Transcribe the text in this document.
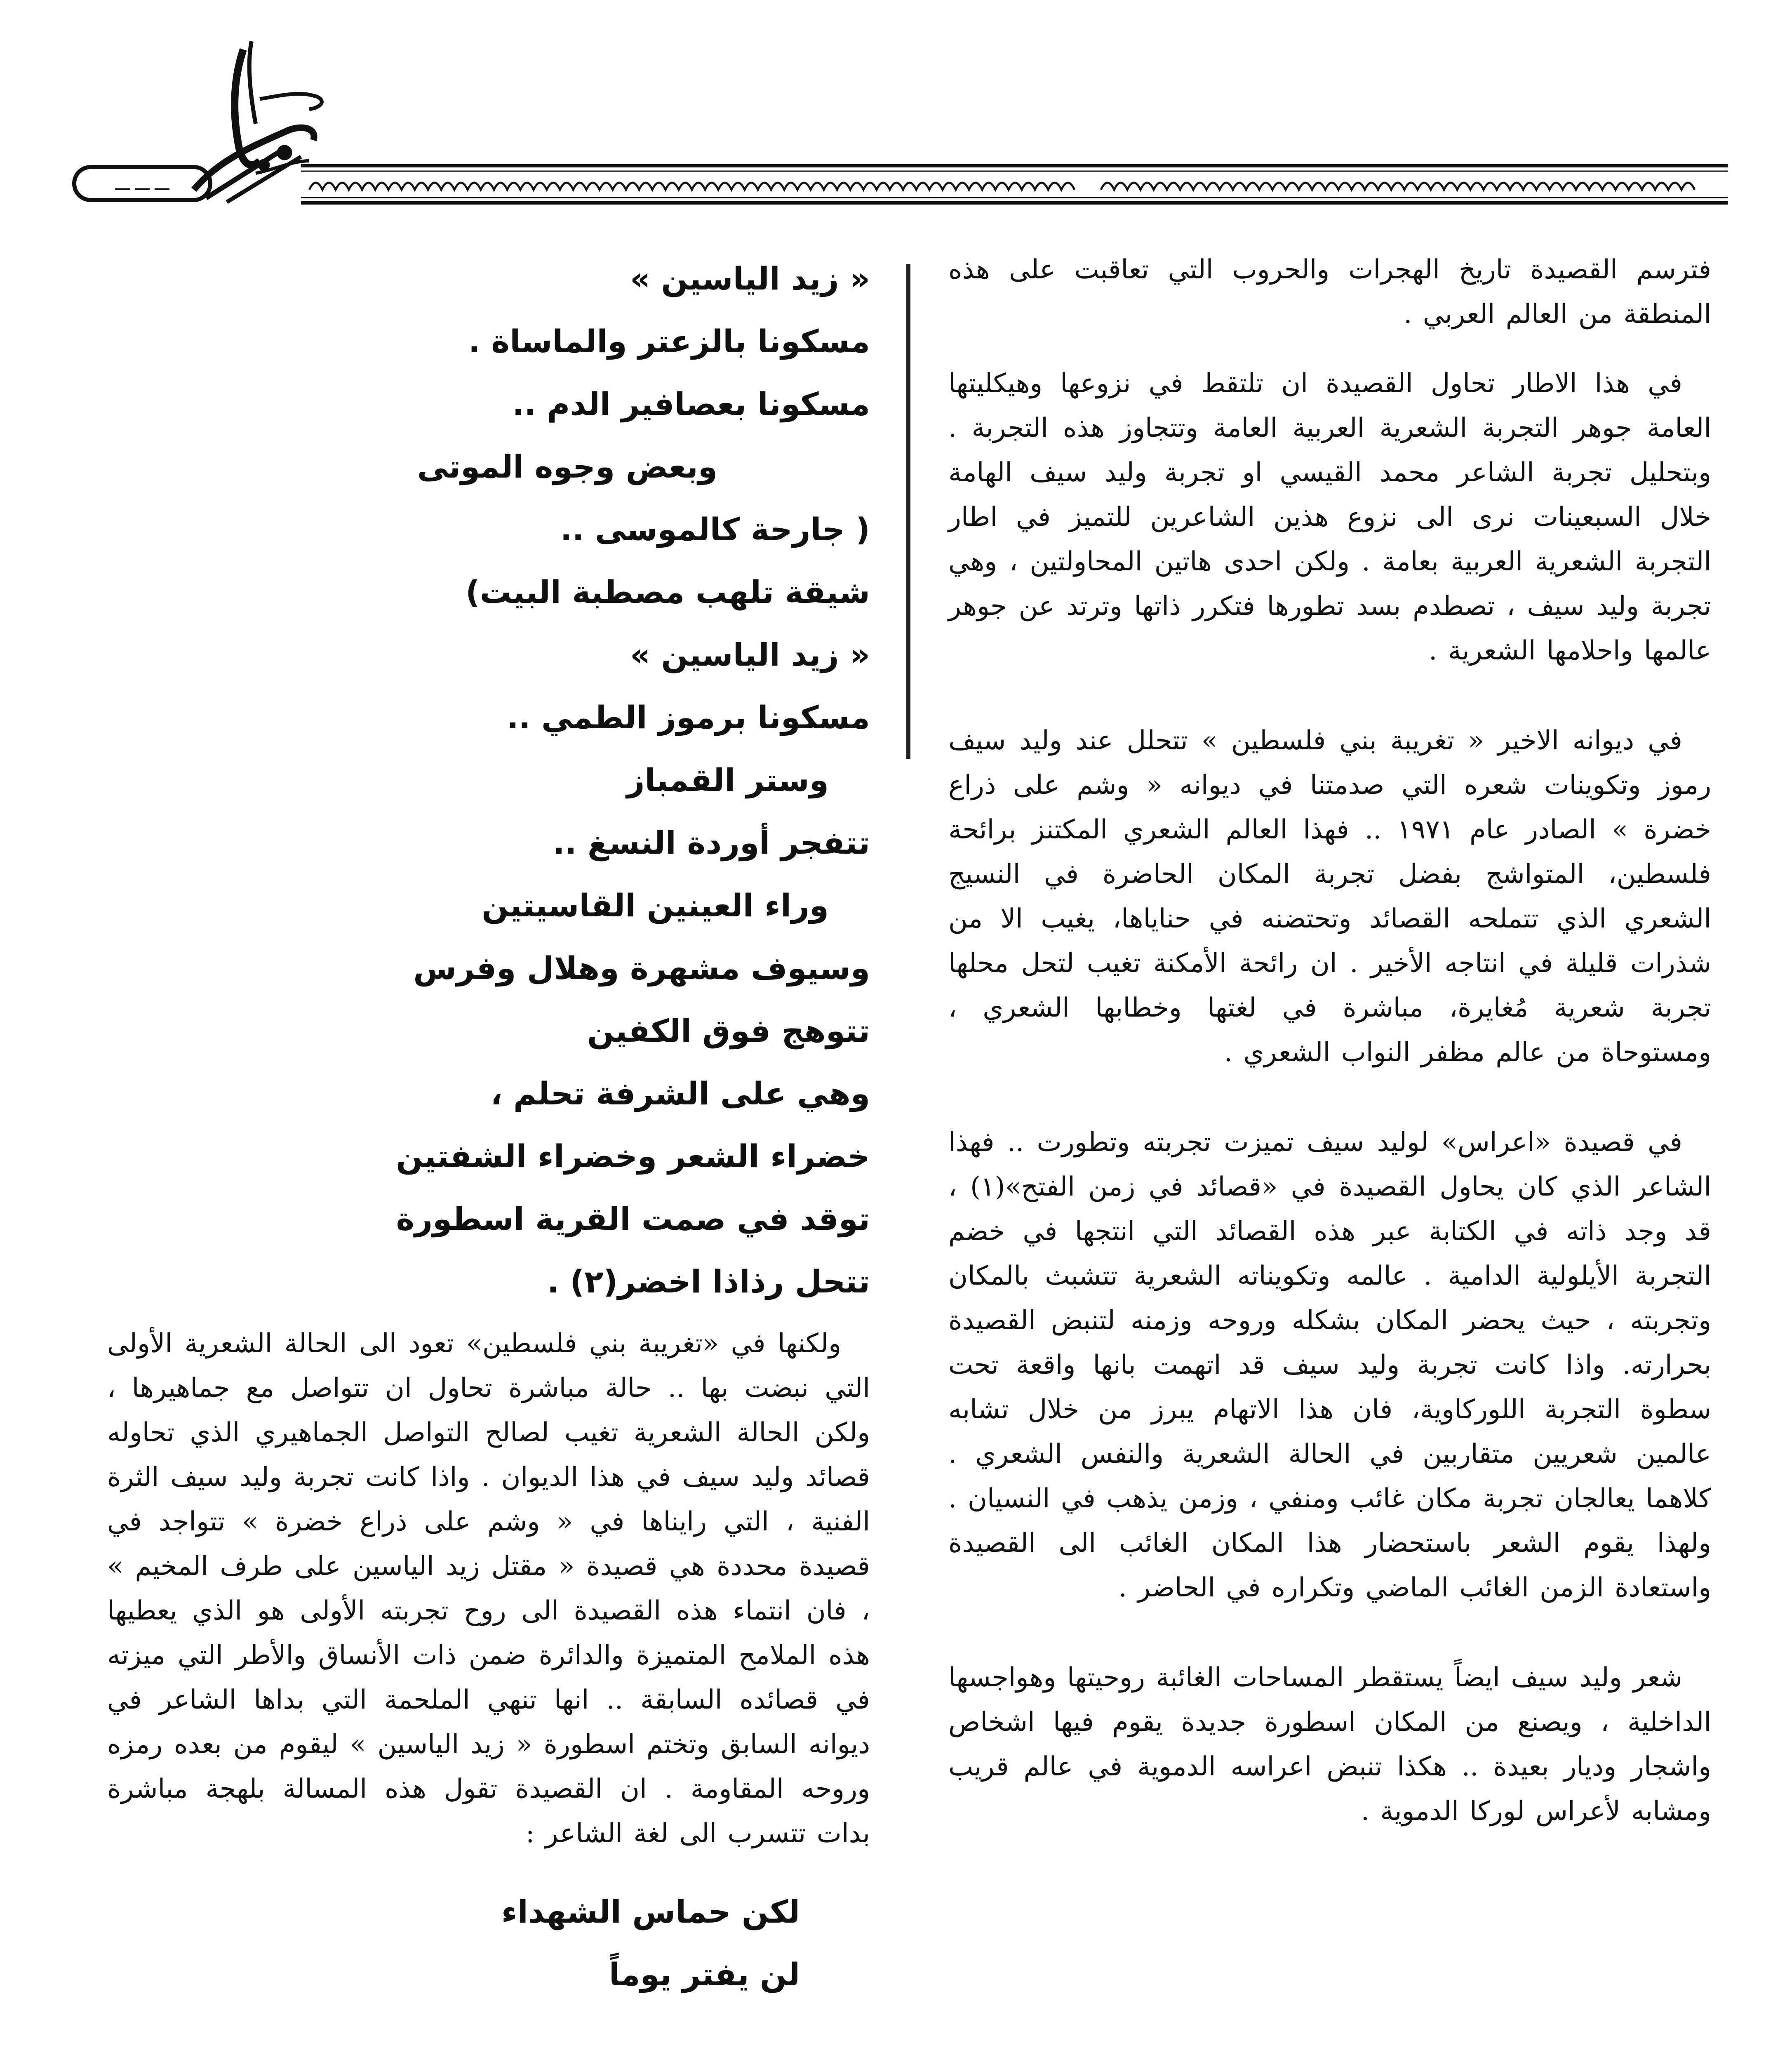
ـــ ـــ ـــ

فترسم القصيدة تاريخ الهجرات والحروب التي تعاقبت على هذه المنطقة من العالم العربي .

في هذا الاطار تحاول القصيدة ان تلتقط في نزوعها وهيكليتها العامة جوهر التجربة الشعرية العربية العامة وتتجاوز هذه التجربة . وبتحليل تجربة الشاعر محمد القيسي او تجربة وليد سيف الهامة خلال السبعينات نرى الى نزوع هذين الشاعرين للتميز في اطار التجربة الشعرية العربية بعامة . ولكن احدى هاتين المحاولتين ، وهي تجربة وليد سيف ، تصطدم بسد تطورها فتكرر ذاتها وترتد عن جوهر عالمها واحلامها الشعرية .

في ديوانه الاخير « تغريبة بني فلسطين » تتحلل عند وليد سيف رموز وتكوينات شعره التي صدمتنا في ديوانه « وشم على ذراع خضرة » الصادر عام ١٩٧١ .. فهذا العالم الشعري المكتنز برائحة فلسطين، المتواشج بفضل تجربة المكان الحاضرة في النسيج الشعري الذي تتملحه القصائد وتحتضنه في حناياها، يغيب الا من شذرات قليلة في انتاجه الأخير . ان رائحة الأمكنة تغيب لتحل محلها تجربة شعرية مُغايرة، مباشرة في لغتها وخطابها الشعري ، ومستوحاة من عالم مظفر النواب الشعري .

في قصيدة «اعراس» لوليد سيف تميزت تجربته وتطورت .. فهذا الشاعر الذي كان يحاول القصيدة في «قصائد في زمن الفتح»(١) ، قد وجد ذاته في الكتابة عبر هذه القصائد التي انتجها في خضم التجربة الأيلولية الدامية . عالمه وتكويناته الشعرية تتشبث بالمكان وتجربته ، حيث يحضر المكان بشكله وروحه وزمنه لتنبض القصيدة بحرارته. واذا كانت تجربة وليد سيف قد اتهمت بانها واقعة تحت سطوة التجربة اللوركاوية، فان هذا الاتهام يبرز من خلال تشابه عالمين شعريين متقاربين في الحالة الشعرية والنفس الشعري . كلاهما يعالجان تجربة مكان غائب ومنفي ، وزمن يذهب في النسيان . ولهذا يقوم الشعر باستحضار هذا المكان الغائب الى القصيدة واستعادة الزمن الغائب الماضي وتكراره في الحاضر .

شعر وليد سيف ايضاً يستقطر المساحات الغائبة روحيتها وهواجسها الداخلية ، ويصنع من المكان اسطورة جديدة يقوم فيها اشخاص واشجار وديار بعيدة .. هكذا تنبض اعراسه الدموية في عالم قريب ومشابه لأعراس لوركا الدموية .

« زيد الياسين »

مسكونا بالزعتر والماساة .

مسكونا بعصافير الدم ..

وبعض وجوه الموتى

( جارحة كالموسى ..

شيقة تلهب مصطبة البيت)

« زيد الياسين »

مسكونا برموز الطمي ..

وستر القمباز

تتفجر أوردة النسغ ..

وراء العينين القاسيتين

وسيوف مشهرة وهلال وفرس

تتوهج فوق الكفين

وهي على الشرفة تحلم ،

خضراء الشعر وخضراء الشفتين

توقد في صمت القرية اسطورة

تتحل رذاذا اخضر(٢) .

ولكنها في «تغريبة بني فلسطين» تعود الى الحالة الشعرية الأولى التي نبضت بها .. حالة مباشرة تحاول ان تتواصل مع جماهيرها ، ولكن الحالة الشعرية تغيب لصالح التواصل الجماهيري الذي تحاوله قصائد وليد سيف في هذا الديوان . واذا كانت تجربة وليد سيف الثرة الفنية ، التي رايناها في « وشم على ذراع خضرة » تتواجد في قصيدة محددة هي قصيدة « مقتل زيد الياسين على طرف المخيم » ، فان انتماء هذه القصيدة الى روح تجربته الأولى هو الذي يعطيها هذه الملامح المتميزة والدائرة ضمن ذات الأنساق والأطر التي ميزته في قصائده السابقة .. انها تنهي الملحمة التي بداها الشاعر في ديوانه السابق وتختم اسطورة « زيد الياسين » ليقوم من بعده رمزه وروحه المقاومة . ان القصيدة تقول هذه المسالة بلهجة مباشرة بدات تتسرب الى لغة الشاعر :

لكن حماس الشهداء

لن يفتر يوماً
